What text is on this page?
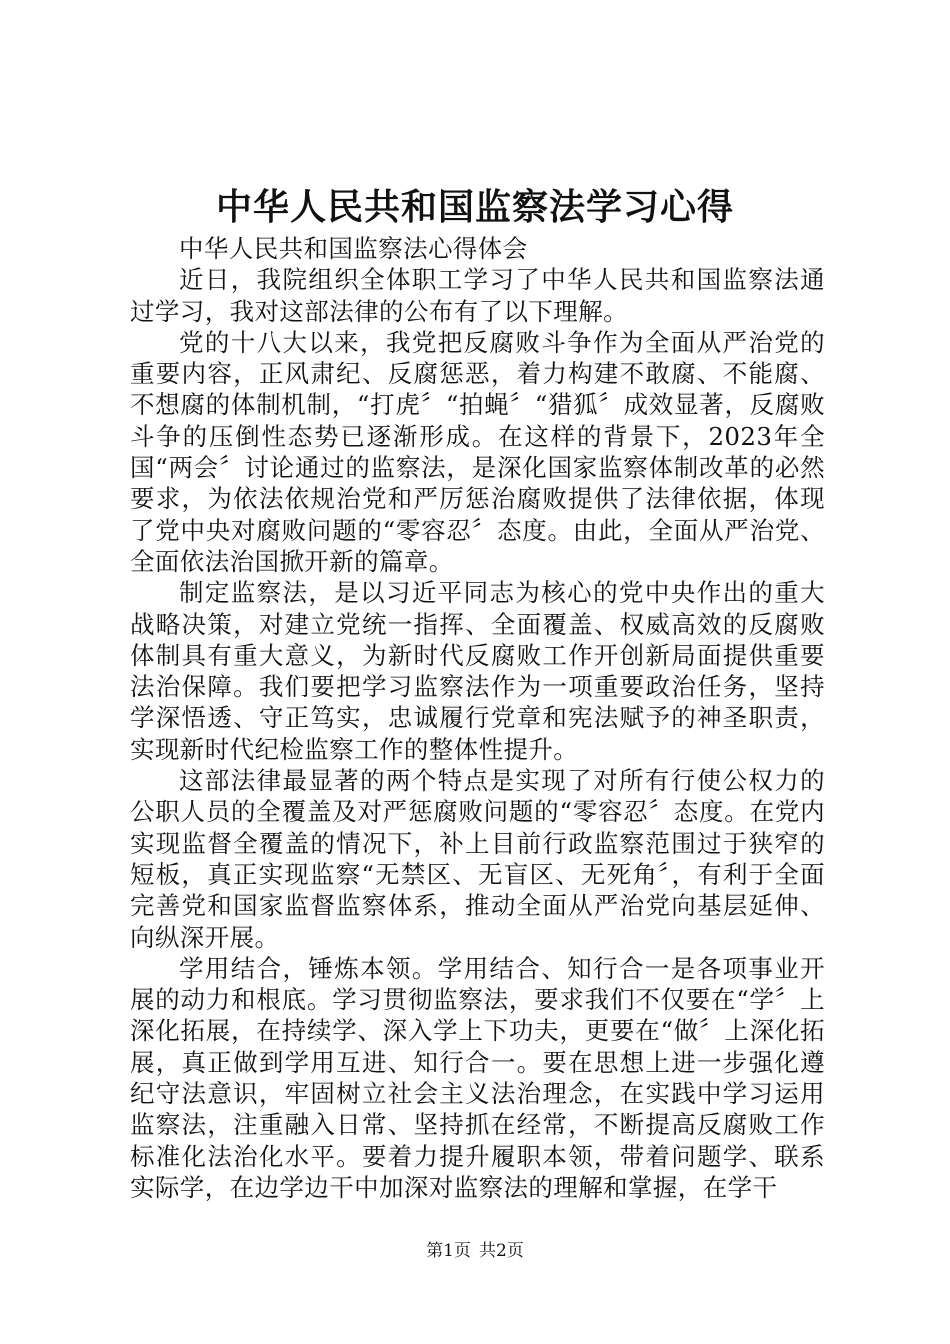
中华人民共和国监察法学习心得

中华人民共和国监察法心得体会

近日，我院组织全体职工学习了中华人民共和国监察法通过学习，我对这部法律的公布有了以下理解。

党的十八大以来，我党把反腐败斗争作为全面从严治党的重要内容，正风肃纪、反腐惩恶，着力构建不敢腐、不能腐、不想腐的体制机制，“打虎〞“拍蝇〞“猎狐〞成效显著，反腐败斗争的压倒性态势已逐渐形成。在这样的背景下，2023年全国“两会〞讨论通过的监察法，是深化国家监察体制改革的必然要求，为依法依规治党和严厉惩治腐败提供了法律依据，体现了党中央对腐败问题的“零容忍〞态度。由此，全面从严治党、全面依法治国掀开新的篇章。

制定监察法，是以习近平同志为核心的党中央作出的重大战略决策，对建立党统一指挥、全面覆盖、权威高效的反腐败体制具有重大意义，为新时代反腐败工作开创新局面提供重要法治保障。我们要把学习监察法作为一项重要政治任务，坚持学深悟透、守正笃实，忠诚履行党章和宪法赋予的神圣职责，实现新时代纪检监察工作的整体性提升。

这部法律最显著的两个特点是实现了对所有行使公权力的公职人员的全覆盖及对严惩腐败问题的“零容忍〞态度。在党内实现监督全覆盖的情况下，补上目前行政监察范围过于狭窄的短板，真正实现监察“无禁区、无盲区、无死角〞，有利于全面完善党和国家监督监察体系，推动全面从严治党向基层延伸、向纵深开展。

学用结合，锤炼本领。学用结合、知行合一是各项事业开展的动力和根底。学习贯彻监察法，要求我们不仅要在“学〞上深化拓展，在持续学、深入学上下功夫，更要在“做〞上深化拓展，真正做到学用互进、知行合一。要在思想上进一步强化遵纪守法意识，牢固树立社会主义法治理念，在实践中学习运用监察法，注重融入日常、坚持抓在经常，不断提高反腐败工作标准化法治化水平。要着力提升履职本领，带着问题学、联系实际学，在边学边干中加深对监察法的理解和掌握，在学干

第1页 共2页
